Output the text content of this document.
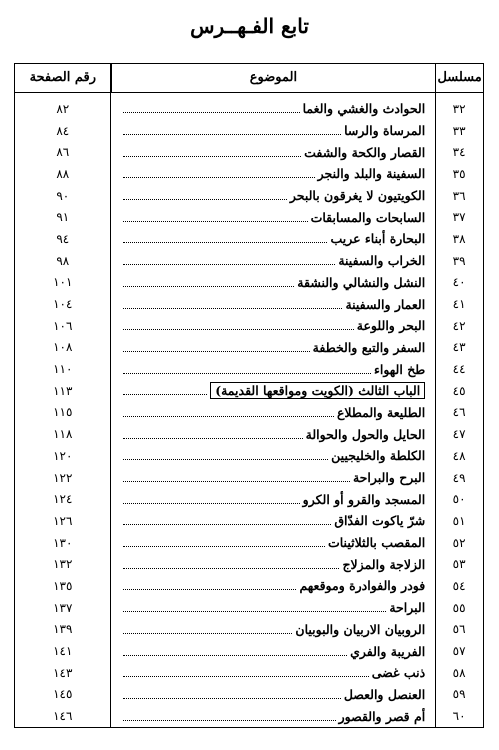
تابع الفـهــرس
مسلسل
الموضوع
رقم الصفحة
٣٢
الحوادث والغشي والغما
٨٢
٣٣
المرساة والرسا
٨٤
٣٤
القصار والكحة والشفت
٨٦
٣٥
السفينة والبلد والنجر
٨٨
٣٦
الكويتيون لا يغرقون بالبحر
٩٠
٣٧
السابحات والمسابقات
٩١
٣٨
البحارة أبناء عريب
٩٤
٣٩
الخراب والسفينة
٩٨
٤٠
النشل والنشالي والنشقة
١٠١
٤١
العمار والسفينة
١٠٤
٤٢
البحر واللوعة
١٠٦
٤٣
السفر والتبع والخطفة
١٠٨
٤٤
طخ الهواء
١١٠
٤٥
الباب الثالث (الكويت ومواقعها القديمة)
١١٣
٤٦
الطليعة والمطلاع
١١٥
٤٧
الحايل والحول والحوالة
١١٨
٤٨
الكلطة والخليجيين
١٢٠
٤٩
البرح والبراحة
١٢٢
٥٠
المسجد والقرو أو الكرو
١٢٤
٥١
شرّ ياكوت الفدّاق
١٢٦
٥٢
المقصب بالثلاثينات
١٣٠
٥٣
الزلاجة والمزلاج
١٣٢
٥٤
فودر والفوادرة وموقعهم
١٣٥
٥٥
البراحة
١٣٧
٥٦
الروبيان الاربيان والبوبيان
١٣٩
٥٧
الفريبة والفري
١٤١
٥٨
ذنب غضى
١٤٣
٥٩
العنصل والعصل
١٤٥
٦٠
أم قصر والقصور
١٤٦
